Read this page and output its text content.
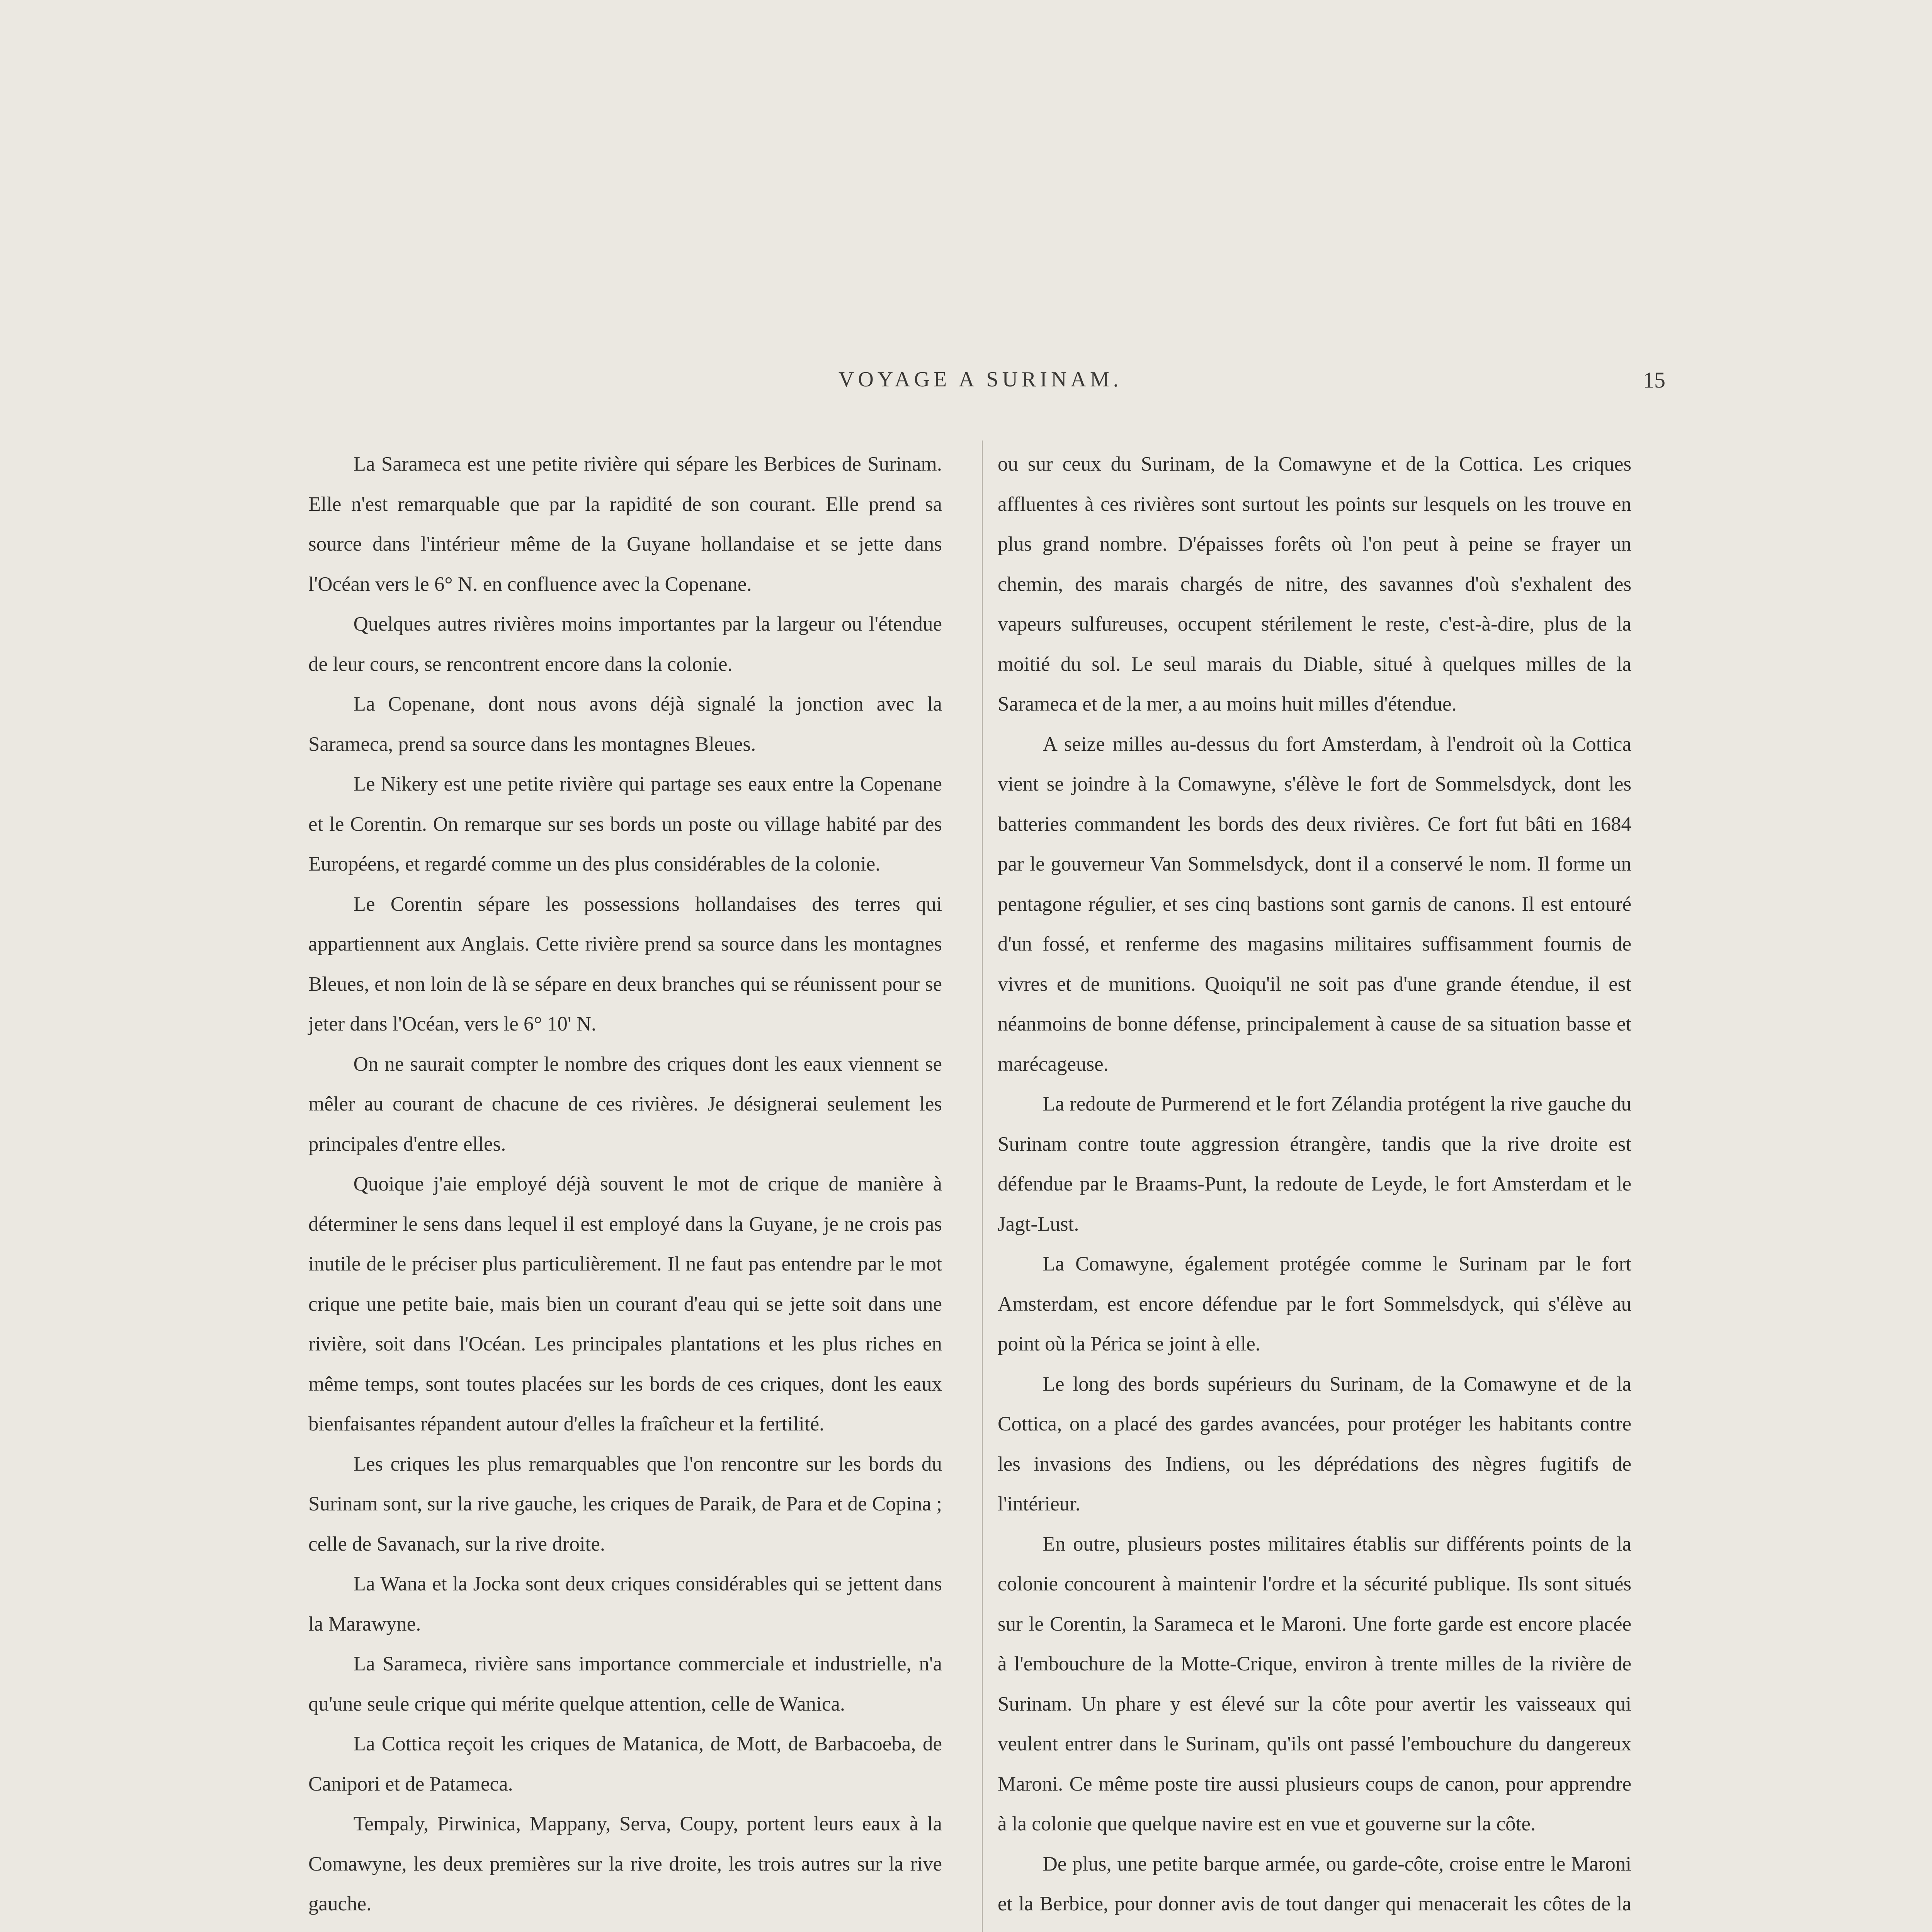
VOYAGE A SURINAM.	15

La Sarameca est une petite rivière qui sépare les Berbices de Surinam. Elle n'est remarquable que par la rapidité de son courant. Elle prend sa source dans l'intérieur même de la Guyane hollandaise et se jette dans l'Océan vers le 6° N. en confluence avec la Copenane.

Quelques autres rivières moins importantes par la largeur ou l'étendue de leur cours, se rencontrent encore dans la colonie.

La Copenane, dont nous avons déjà signalé la jonction avec la Sarameca, prend sa source dans les montagnes Bleues.

Le Nikery est une petite rivière qui partage ses eaux entre la Copenane et le Corentin. On remarque sur ses bords un poste ou village habité par des Européens, et regardé comme un des plus considérables de la colonie.

Le Corentin sépare les possessions hollandaises des terres qui appartiennent aux Anglais. Cette rivière prend sa source dans les montagnes Bleues, et non loin de là se sépare en deux branches qui se réunissent pour se jeter dans l'Océan, vers le 6° 10' N.

On ne saurait compter le nombre des criques dont les eaux viennent se mêler au courant de chacune de ces rivières. Je désignerai seulement les principales d'entre elles.

Quoique j'aie employé déjà souvent le mot de crique de manière à déterminer le sens dans lequel il est employé dans la Guyane, je ne crois pas inutile de le préciser plus particulièrement. Il ne faut pas entendre par le mot crique une petite baie, mais bien un courant d'eau qui se jette soit dans une rivière, soit dans l'Océan. Les principales plantations et les plus riches en même temps, sont toutes placées sur les bords de ces criques, dont les eaux bienfaisantes répandent autour d'elles la fraîcheur et la fertilité.

Les criques les plus remarquables que l'on rencontre sur les bords du Surinam sont, sur la rive gauche, les criques de Paraik, de Para et de Copina ; celle de Savanach, sur la rive droite.

La Wana et la Jocka sont deux criques considérables qui se jettent dans la Marawyne.

La Sarameca, rivière sans importance commerciale et industrielle, n'a qu'une seule crique qui mérite quelque attention, celle de Wanica.

La Cottica reçoit les criques de Matanica, de Mott, de Barbacoeba, de Canipori et de Patameca.

Tempaly, Pirwinica, Mappany, Serva, Coupy, portent leurs eaux à la Comawyne, les deux premières sur la rive droite, les trois autres sur la rive gauche.

ou sur ceux du Surinam, de la Comawyne et de la Cottica. Les criques affluentes à ces rivières sont surtout les points sur lesquels on les trouve en plus grand nombre. D'épaisses forêts où l'on peut à peine se frayer un chemin, des marais chargés de nitre, des savannes d'où s'exhalent des vapeurs sulfureuses, occupent stérilement le reste, c'est-à-dire, plus de la moitié du sol. Le seul marais du Diable, situé à quelques milles de la Sarameca et de la mer, a au moins huit milles d'étendue.

A seize milles au-dessus du fort Amsterdam, à l'endroit où la Cottica vient se joindre à la Comawyne, s'élève le fort de Sommelsdyck, dont les batteries commandent les bords des deux rivières. Ce fort fut bâti en 1684 par le gouverneur Van Sommelsdyck, dont il a conservé le nom. Il forme un pentagone régulier, et ses cinq bastions sont garnis de canons. Il est entouré d'un fossé, et renferme des magasins militaires suffisamment fournis de vivres et de munitions. Quoiqu'il ne soit pas d'une grande étendue, il est néanmoins de bonne défense, principalement à cause de sa situation basse et marécageuse.

La redoute de Purmerend et le fort Zélandia protégent la rive gauche du Surinam contre toute aggression étrangère, tandis que la rive droite est défendue par le Braams-Punt, la redoute de Leyde, le fort Amsterdam et le Jagt-Lust.

La Comawyne, également protégée comme le Surinam par le fort Amsterdam, est encore défendue par le fort Sommelsdyck, qui s'élève au point où la Périca se joint à elle.

Le long des bords supérieurs du Surinam, de la Comawyne et de la Cottica, on a placé des gardes avancées, pour protéger les habitants contre les invasions des Indiens, ou les déprédations des nègres fugitifs de l'intérieur.

En outre, plusieurs postes militaires établis sur différents points de la colonie concourent à maintenir l'ordre et la sécurité publique. Ils sont situés sur le Corentin, la Sarameca et le Maroni. Une forte garde est encore placée à l'embouchure de la Motte-Crique, environ à trente milles de la rivière de Surinam. Un phare y est élevé sur la côte pour avertir les vaisseaux qui veulent entrer dans le Surinam, qu'ils ont passé l'embouchure du dangereux Maroni. Ce même poste tire aussi plusieurs coups de canon, pour apprendre à la colonie que quelque navire est en vue et gouverne sur la côte.

De plus, une petite barque armée, ou garde-côte, croise entre le Maroni et la Berbice, pour donner avis de tout danger qui menacerait les côtes de la
